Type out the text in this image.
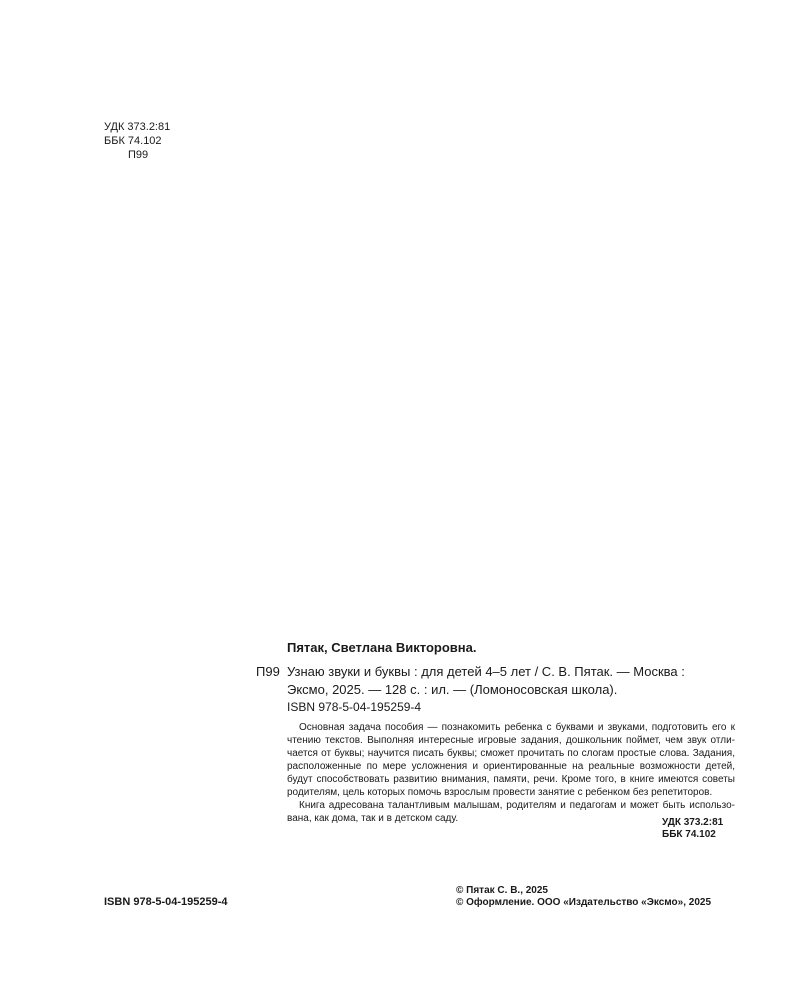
УДК 373.2:81
ББК 74.102
П99
Пятак, Светлана Викторовна.
П99 Узнаю звуки и буквы : для детей 4–5 лет / С. В. Пятак. — Москва :
Эксмо, 2025. — 128 с. : ил. — (Ломоносовская школа).
ISBN 978-5-04-195259-4
Основная задача пособия — познакомить ребенка с буквами и звуками, подготовить его к
чтению текстов. Выполняя интересные игровые задания, дошкольник поймет, чем звук отли-
чается от буквы; научится писать буквы; сможет прочитать по слогам простые слова. Задания,
расположенные по мере усложнения и ориентированные на реальные возможности детей,
будут способствовать развитию внимания, памяти, речи. Кроме того, в книге имеются советы
родителям, цель которых помочь взрослым провести занятие с ребенком без репетиторов.
Книга адресована талантливым малышам, родителям и педагогам и может быть использо-
вана, как дома, так и в детском саду.	УДК 373.2:81
ББК 74.102
ISBN 978-5-04-195259-4
© Пятак С. В., 2025
© Оформление. ООО «Издательство «Эксмо», 2025
